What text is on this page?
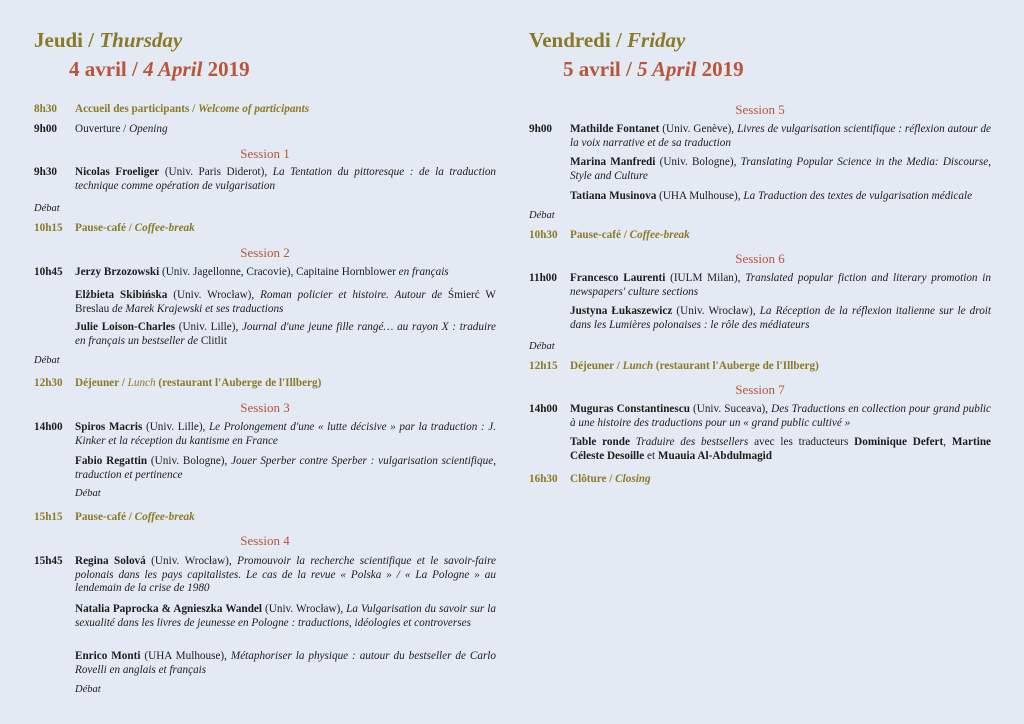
Jeudi / Thursday
4 avril / 4 April 2019
8h30 Accueil des participants / Welcome of participants
9h00 Ouverture / Opening
Session 1
9h30 Nicolas Froeliger (Univ. Paris Diderot), La Tentation du pittoresque : de la traduction technique comme opération de vulgarisation
Débat
10h15 Pause-café / Coffee-break
Session 2
10h45 Jerzy Brzozowski (Univ. Jagellonne, Cracovie), Capitaine Hornblower en français
Elżbieta Skibińska (Univ. Wrocław), Roman policier et histoire. Autour de Śmierć W Breslau de Marek Krajewski et ses traductions
Julie Loison-Charles (Univ. Lille), Journal d'une jeune fille rangé… au rayon X : traduire en français un bestseller de Clitlit
Débat
12h30 Déjeuner / Lunch (restaurant l'Auberge de l'Illberg)
Session 3
14h00 Spiros Macris (Univ. Lille), Le Prolongement d'une « lutte décisive » par la traduction : J. Kinker et la réception du kantisme en France
Fabio Regattin (Univ. Bologne), Jouer Sperber contre Sperber : vulgarisation scientifique, traduction et pertinence
Débat
15h15 Pause-café / Coffee-break
Session 4
15h45 Regina Solová (Univ. Wrocław), Promouvoir la recherche scientifique et le savoir-faire polonais dans les pays capitalistes. Le cas de la revue « Polska » / « La Pologne » au lendemain de la crise de 1980
Natalia Paprocka & Agnieszka Wandel (Univ. Wrocław), La Vulgarisation du savoir sur la sexualité dans les livres de jeunesse en Pologne : traductions, idéologies et controverses
Enrico Monti (UHA Mulhouse), Métaphoriser la physique : autour du bestseller de Carlo Rovelli en anglais et français
Débat
Vendredi / Friday
5 avril / 5 April 2019
Session 5
9h00 Mathilde Fontanet (Univ. Genève), Livres de vulgarisation scientifique : réflexion autour de la voix narrative et de sa traduction
Marina Manfredi (Univ. Bologne), Translating Popular Science in the Media: Discourse, Style and Culture
Tatiana Musinova (UHA Mulhouse), La Traduction des textes de vulgarisation médicale
Débat
10h30 Pause-café / Coffee-break
Session 6
11h00 Francesco Laurenti (IULM Milan), Translated popular fiction and literary promotion in newspapers' culture sections
Justyna Łukaszewicz (Univ. Wrocław), La Réception de la réflexion italienne sur le droit dans les Lumières polonaises : le rôle des médiateurs
Débat
12h15 Déjeuner / Lunch (restaurant l'Auberge de l'Illberg)
Session 7
14h00 Muguras Constantinescu (Univ. Suceava), Des Traductions en collection pour grand public à une histoire des traductions pour un « grand public cultivé »
Table ronde Traduire des bestsellers avec les traducteurs Dominique Defert, Martine Céleste Desoille et Muauia Al-Abdulmagid
16h30 Clôture / Closing
